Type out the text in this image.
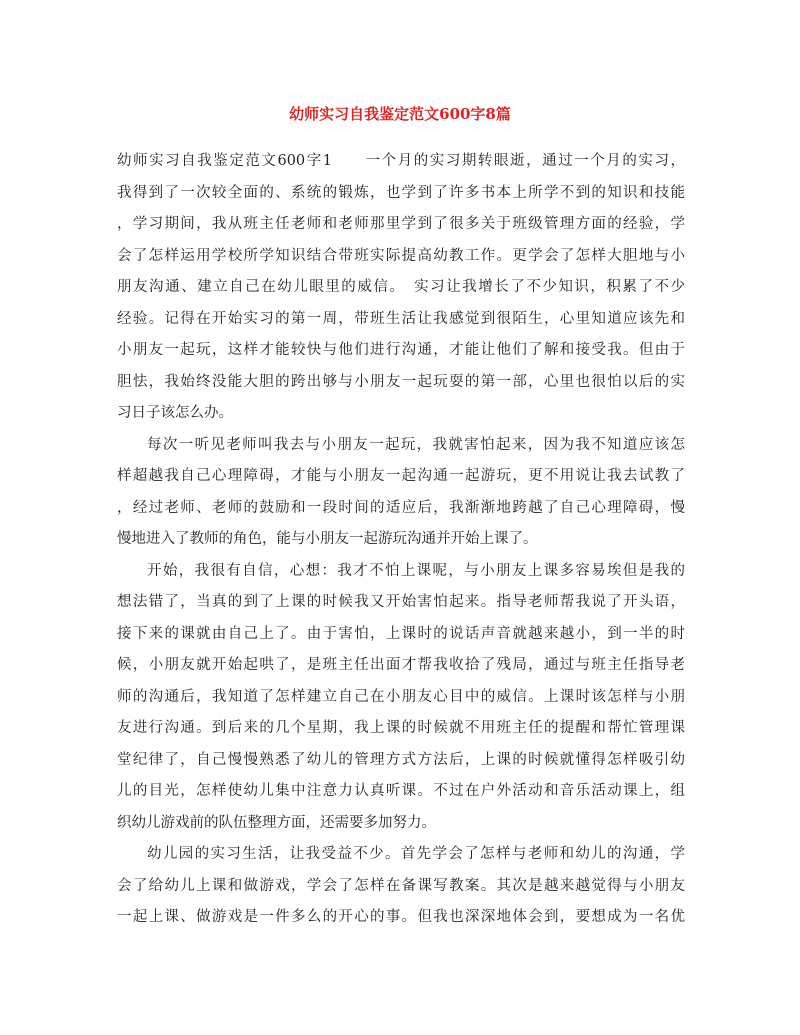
幼师实习自我鉴定范文600字8篇
幼师实习自我鉴定范文600字1　　一个月的实习期转眼逝，通过一个月的实习，
我得到了一次较全面的、系统的锻炼，也学到了许多书本上所学不到的知识和技能
，学习期间，我从班主任老师和老师那里学到了很多关于班级管理方面的经验，学
会了怎样运用学校所学知识结合带班实际提高幼教工作。更学会了怎样大胆地与小
朋友沟通、建立自己在幼儿眼里的威信。　实习让我增长了不少知识，积累了不少
经验。记得在开始实习的第一周，带班生活让我感觉到很陌生，心里知道应该先和
小朋友一起玩，这样才能较快与他们进行沟通，才能让他们了解和接受我。但由于
胆怯，我始终没能大胆的跨出够与小朋友一起玩耍的第一部，心里也很怕以后的实
习日子该怎么办。
每次一听见老师叫我去与小朋友一起玩，我就害怕起来，因为我不知道应该怎
样超越我自己心理障碍，才能与小朋友一起沟通一起游玩，更不用说让我去试教了
，经过老师、老师的鼓励和一段时间的适应后，我渐渐地跨越了自己心理障碍，慢
慢地进入了教师的角色，能与小朋友一起游玩沟通并开始上课了。
开始，我很有自信，心想：我才不怕上课呢，与小朋友上课多容易埃但是我的
想法错了，当真的到了上课的时候我又开始害怕起来。指导老师帮我说了开头语，
接下来的课就由自己上了。由于害怕，上课时的说话声音就越来越小，到一半的时
候，小朋友就开始起哄了，是班主任出面才帮我收拾了残局，通过与班主任指导老
师的沟通后，我知道了怎样建立自己在小朋友心目中的威信。上课时该怎样与小朋
友进行沟通。到后来的几个星期，我上课的时候就不用班主任的提醒和帮忙管理课
堂纪律了，自己慢慢熟悉了幼儿的管理方式方法后，上课的时候就懂得怎样吸引幼
儿的目光，怎样使幼儿集中注意力认真听课。不过在户外活动和音乐活动课上，组
织幼儿游戏前的队伍整理方面，还需要多加努力。
幼儿园的实习生活，让我受益不少。首先学会了怎样与老师和幼儿的沟通，学
会了给幼儿上课和做游戏，学会了怎样在备课写教案。其次是越来越觉得与小朋友
一起上课、做游戏是一件多么的开心的事。但我也深深地体会到，要想成为一名优
